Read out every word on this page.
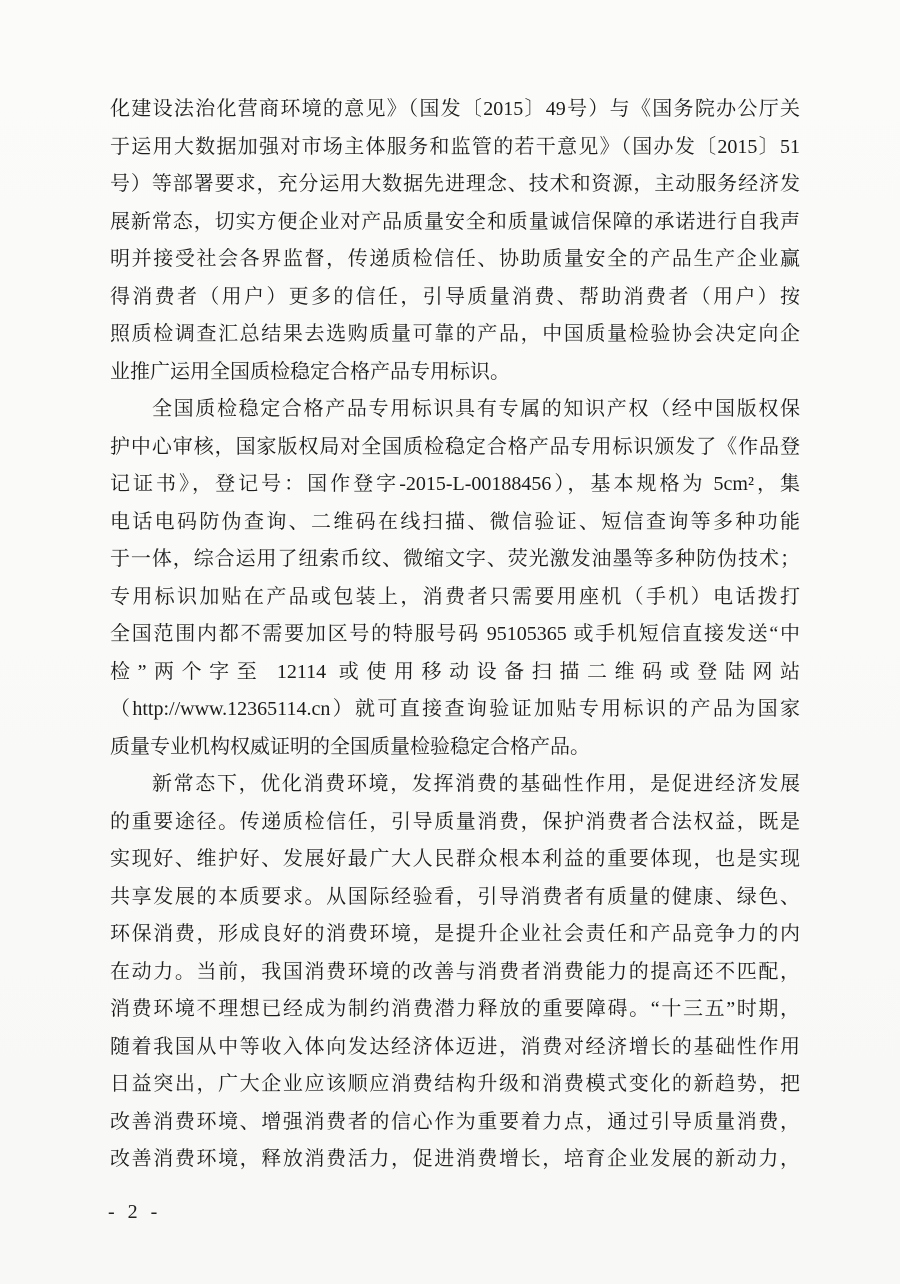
化建设法治化营商环境的意见》（国发〔2015〕49号）与《国务院办公厅关
于运用大数据加强对市场主体服务和监管的若干意见》（国办发〔2015〕51
号）等部署要求，充分运用大数据先进理念、技术和资源，主动服务经济发
展新常态，切实方便企业对产品质量安全和质量诚信保障的承诺进行自我声
明并接受社会各界监督，传递质检信任、协助质量安全的产品生产企业赢
得消费者（用户）更多的信任，引导质量消费、帮助消费者（用户）按
照质检调查汇总结果去选购质量可靠的产品，中国质量检验协会决定向企
业推广运用全国质检稳定合格产品专用标识。
全国质检稳定合格产品专用标识具有专属的知识产权（经中国版权保
护中心审核，国家版权局对全国质检稳定合格产品专用标识颁发了《作品登
记证书》，登记号：国作登字-2015-L-00188456），基本规格为 5cm²，集
电话电码防伪查询、二维码在线扫描、微信验证、短信查询等多种功能
于一体，综合运用了纽索币纹、微缩文字、荧光激发油墨等多种防伪技术；
专用标识加贴在产品或包装上，消费者只需要用座机（手机）电话拨打
全国范围内都不需要加区号的特服号码 95105365 或手机短信直接发送“中
检”两个字至 12114 或使用移动设备扫描二维码或登陆网站
（http://www.12365114.cn）就可直接查询验证加贴专用标识的产品为国家
质量专业机构权威证明的全国质量检验稳定合格产品。
新常态下，优化消费环境，发挥消费的基础性作用，是促进经济发展
的重要途径。传递质检信任，引导质量消费，保护消费者合法权益，既是
实现好、维护好、发展好最广大人民群众根本利益的重要体现，也是实现
共享发展的本质要求。从国际经验看，引导消费者有质量的健康、绿色、
环保消费，形成良好的消费环境，是提升企业社会责任和产品竞争力的内
在动力。当前，我国消费环境的改善与消费者消费能力的提高还不匹配，
消费环境不理想已经成为制约消费潜力释放的重要障碍。“十三五”时期，
随着我国从中等收入体向发达经济体迈进，消费对经济增长的基础性作用
日益突出，广大企业应该顺应消费结构升级和消费模式变化的新趋势，把
改善消费环境、增强消费者的信心作为重要着力点，通过引导质量消费，
改善消费环境，释放消费活力，促进消费增长，培育企业发展的新动力，
- 2 -
